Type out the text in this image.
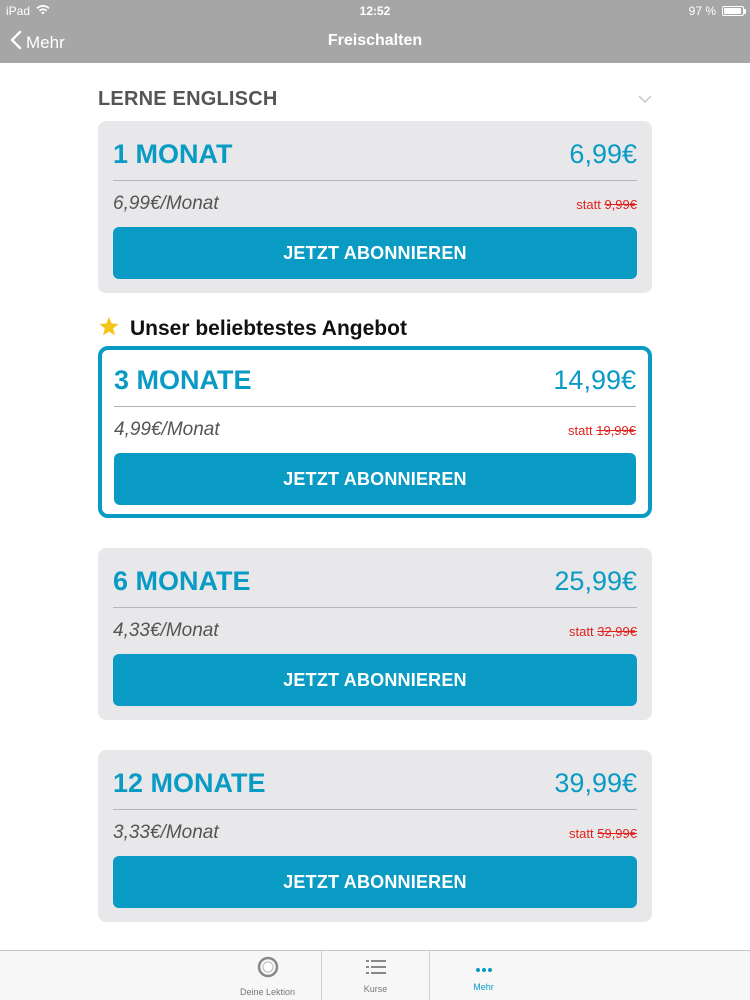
iPad	12:52	97 %
Mehr	Freischalten
LERNE ENGLISCH
1 MONAT	6,99€
6,99€/Monat	statt 9,99€
JETZT ABONNIEREN
Unser beliebtestes Angebot
3 MONATE	14,99€
4,99€/Monat	statt 19,99€
JETZT ABONNIEREN
6 MONATE	25,99€
4,33€/Monat	statt 32,99€
JETZT ABONNIEREN
12 MONATE	39,99€
3,33€/Monat	statt 59,99€
JETZT ABONNIEREN
Deine Lektion	Kurse	Mehr
